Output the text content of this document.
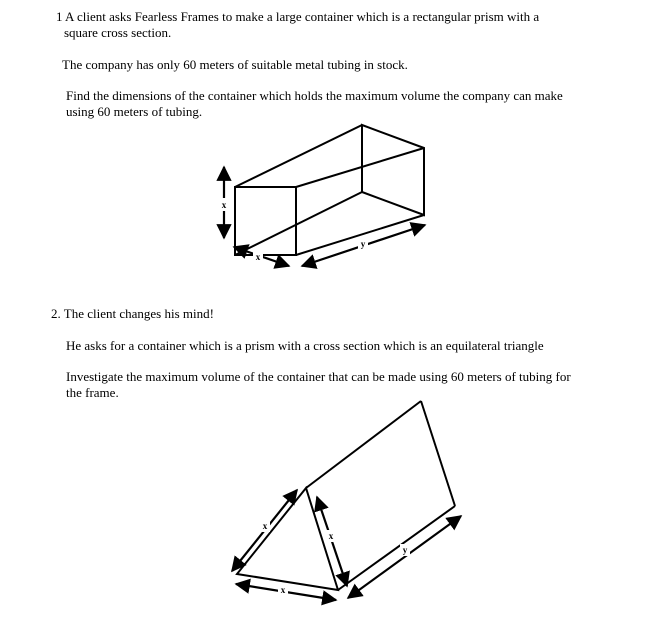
1 A client asks Fearless Frames to make a large container which is a rectangular prism with a

square cross section.

The company has only 60 meters of suitable metal tubing in stock.

Find the dimensions of the container which holds the maximum volume the company can make

using 60 meters of tubing.

x
x
y

2. The client changes his mind!

He asks for a container which is a prism with a cross section which is an equilateral triangle

Investigate the maximum volume of the container that can be made using 60 meters of tubing for

the frame.

x
x
x
y
